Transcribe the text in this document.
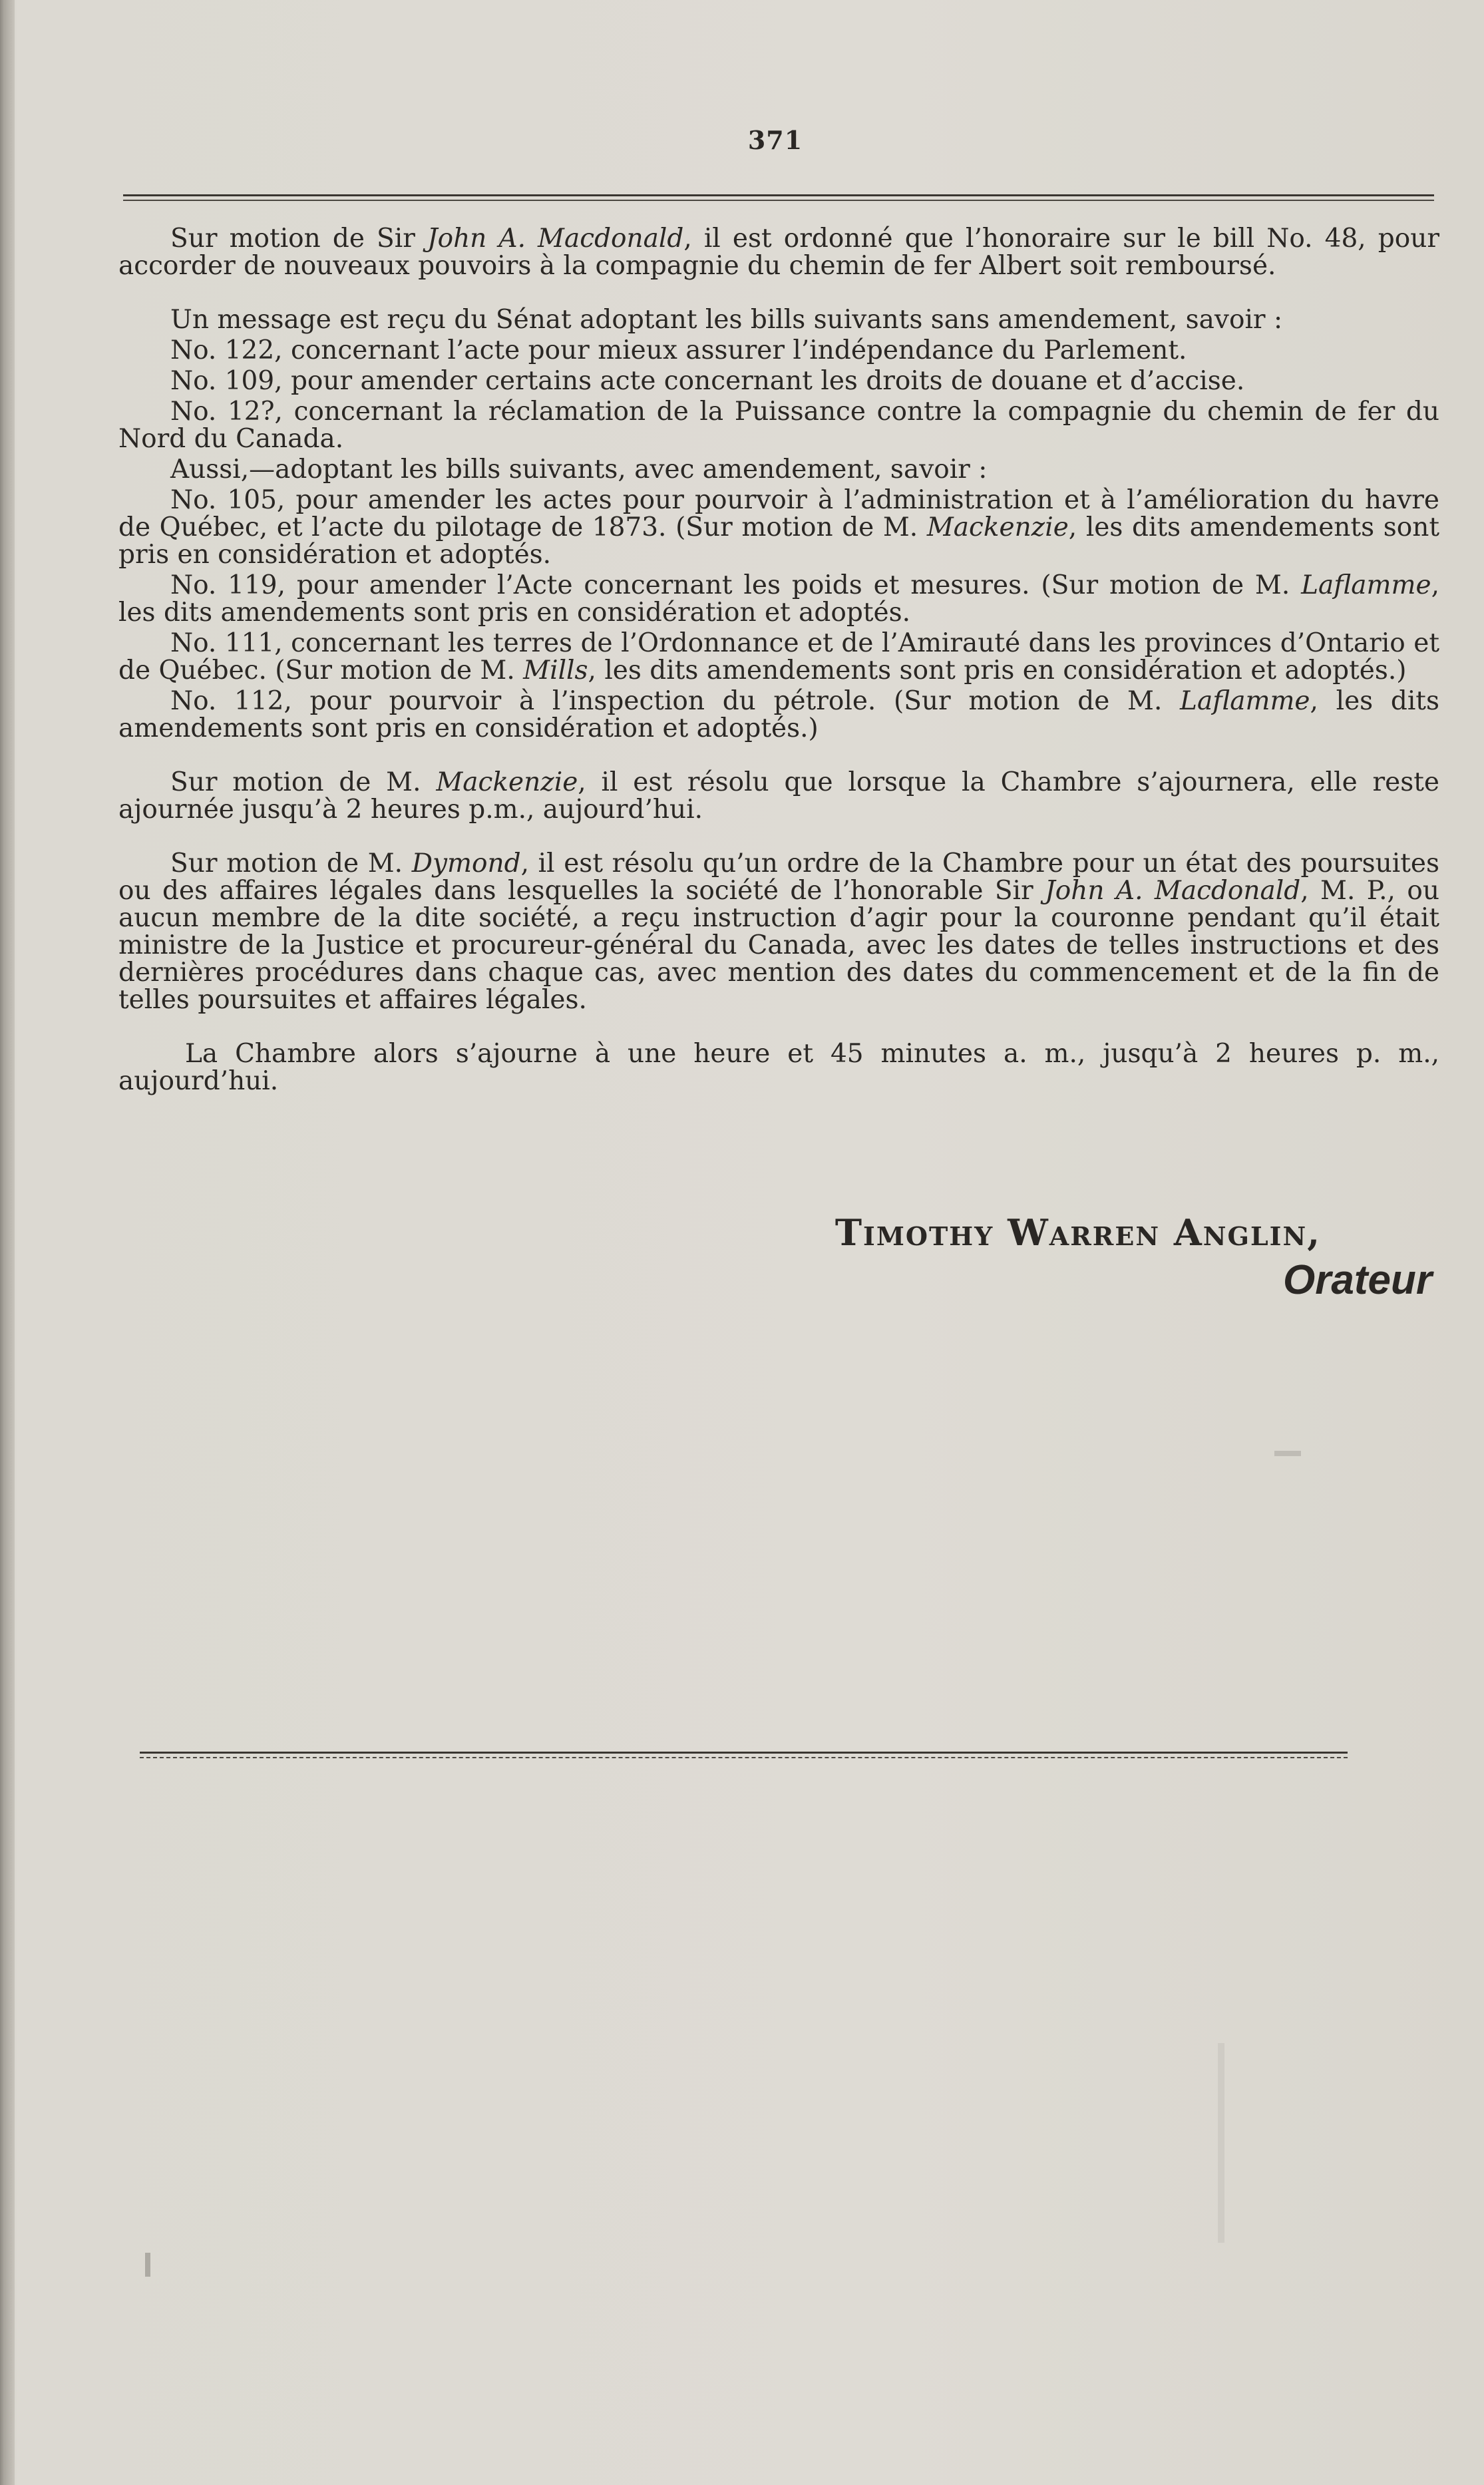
371

Sur motion de Sir John A. Macdonald, il est ordonné que l’honoraire sur le bill No. 48, pour accorder de nouveaux pouvoirs à la compagnie du chemin de fer Albert soit remboursé.

Un message est reçu du Sénat adoptant les bills suivants sans amendement, savoir :

No. 122, concernant l’acte pour mieux assurer l’indépendance du Parlement.

No. 109, pour amender certains acte concernant les droits de douane et d’accise.

No. 12?, concernant la réclamation de la Puissance contre la compagnie du chemin de fer du Nord du Canada.

Aussi,—adoptant les bills suivants, avec amendement, savoir :

No. 105, pour amender les actes pour pourvoir à l’administration et à l’amélioration du havre de Québec, et l’acte du pilotage de 1873. (Sur motion de M. Mackenzie, les dits amendements sont pris en considération et adoptés.

No. 119, pour amender l’Acte concernant les poids et mesures. (Sur motion de M. Laflamme, les dits amendements sont pris en considération et adoptés.

No. 111, concernant les terres de l’Ordonnance et de l’Amirauté dans les provinces d’Ontario et de Québec. (Sur motion de M. Mills, les dits amendements sont pris en considération et adoptés.)

No. 112, pour pourvoir à l’inspection du pétrole. (Sur motion de M. Laflamme, les dits amendements sont pris en considération et adoptés.)

Sur motion de M. Mackenzie, il est résolu que lorsque la Chambre s’ajournera, elle reste ajournée jusqu’à 2 heures p.m., aujourd’hui.

Sur motion de M. Dymond, il est résolu qu’un ordre de la Chambre pour un état des poursuites ou des affaires légales dans lesquelles la société de l’honorable Sir John A. Macdonald, M. P., ou aucun membre de la dite société, a reçu instruction d’agir pour la couronne pendant qu’il était ministre de la Justice et procureur-général du Canada, avec les dates de telles instructions et des dernières procédures dans chaque cas, avec mention des dates du commencement et de la fin de telles poursuites et affaires légales.

La Chambre alors s’ajourne à une heure et 45 minutes a. m., jusqu’à 2 heures p. m., aujourd’hui.

Timothy Warren Anglin,
Orateur
